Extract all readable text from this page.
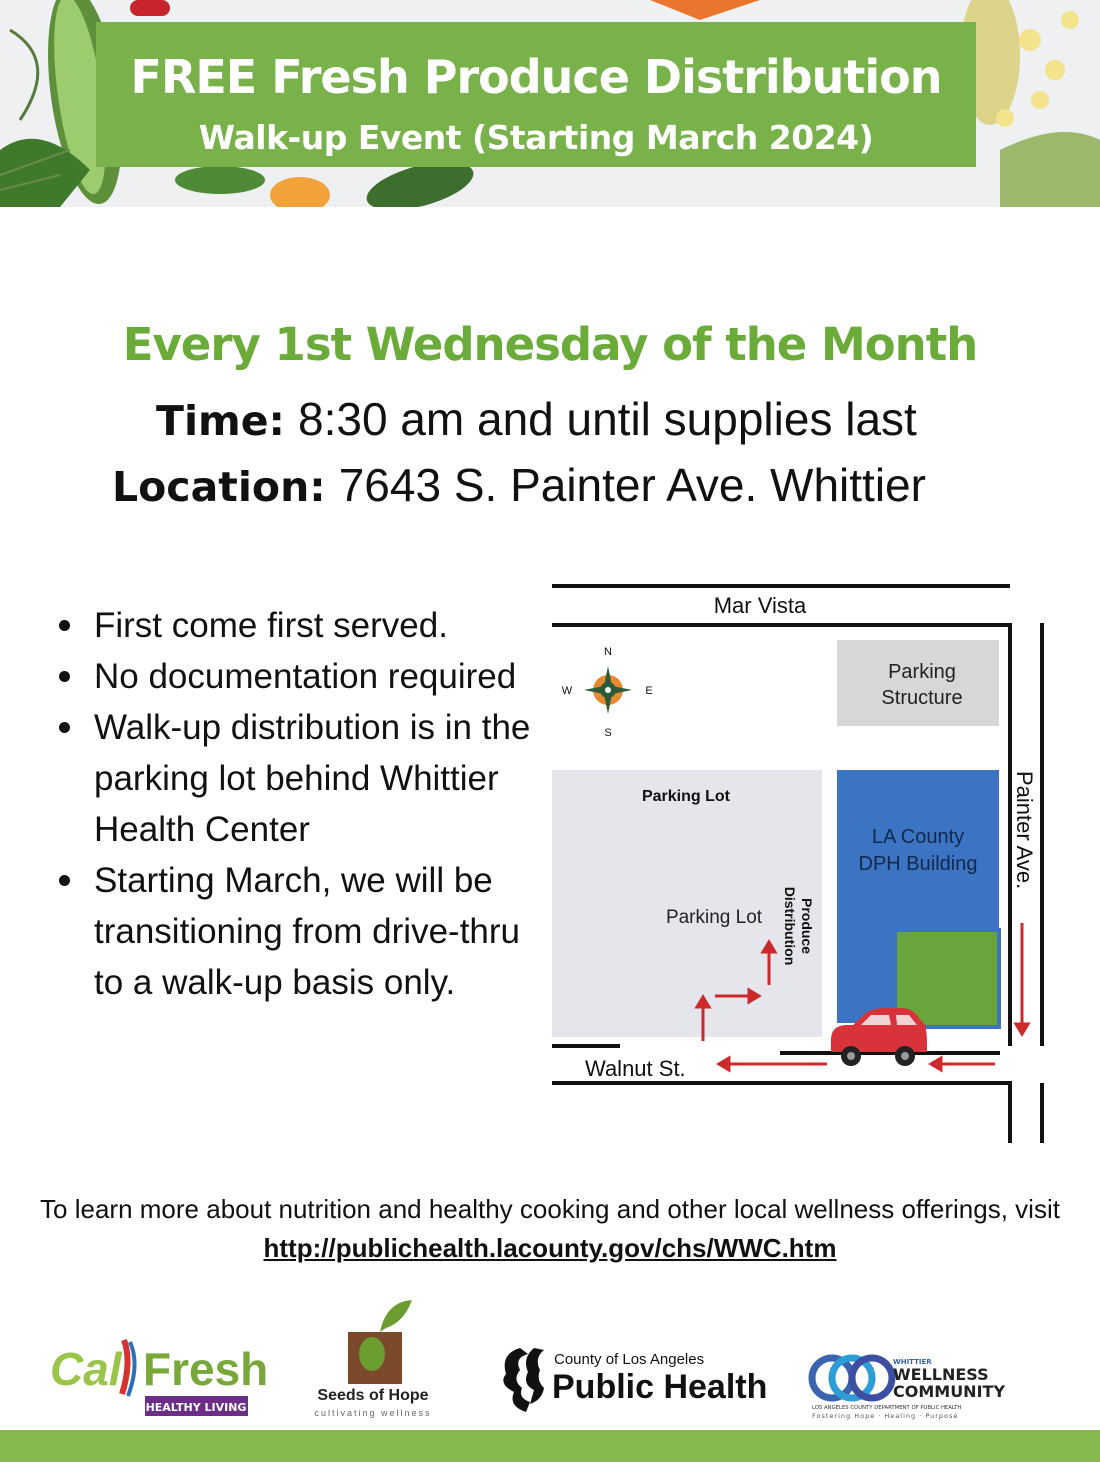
FREE Fresh Produce Distribution
Walk-up Event (Starting March 2024)
Every 1st Wednesday of the Month
Time: 8:30 am and until supplies last
Location: 7643 S. Painter Ave. Whittier
First come first served.
No documentation required
Walk-up distribution is in the parking lot behind Whittier Health Center
Starting March, we will be transitioning from drive-thru to a walk-up basis only.
Mar Vista
Walnut St.
Painter Ave.
N
S
W	E
Parking
Structure
Parking Lot
Parking Lot	Produce
Distribution
LA County
DPH Building
To learn more about nutrition and healthy cooking and other local wellness offerings, visit http://publichealth.lacounty.gov/chs/WWC.htm
Cal Fresh
HEALTHY LIVING
Seeds of Hope
cultivating wellness
County of Los Angeles
Public Health
WHITTIER
WELLNESS
COMMUNITY
LOS ANGELES COUNTY DEPARTMENT OF PUBLIC HEALTH
Fostering Hope · Healing · Purpose
